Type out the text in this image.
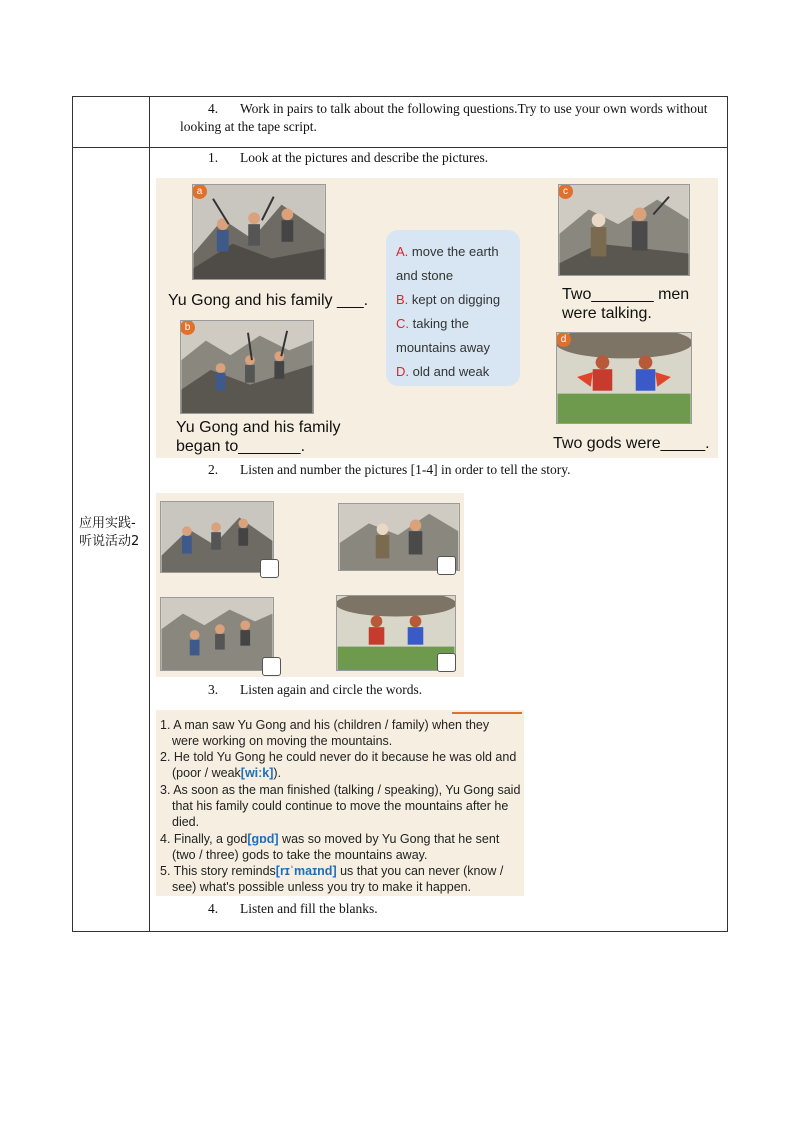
应用实践-听说活动2
4. Work in pairs to talk about the following questions.Try to use your own words without
looking at the tape script.
1. Look at the pictures and describe the pictures.
a
Yu Gong and his family ___.
b
Yu Gong and his family
began to_______.
A. move the earth
and stone
B. kept on digging
C. taking the
mountains away
D. old and weak
c
Two_______ men
were talking.
d
Two gods were_____.
2. Listen and number the pictures [1-4] in order to tell the story.
3. Listen again and circle the words.
1. A man saw Yu Gong and his (children / family) when they
were working on moving the mountains.
2. He told Yu Gong he could never do it because he was old and
(poor / weak[wiːk]).
3. As soon as the man finished (talking / speaking), Yu Gong said
that his family could continue to move the mountains after he
died.
4. Finally, a god[ɡɒd] was so moved by Yu Gong that he sent
(two / three) gods to take the mountains away.
5. This story reminds[rɪˈmaɪnd] us that you can never (know /
see) what's possible unless you try to make it happen.
4. Listen and fill the blanks.
